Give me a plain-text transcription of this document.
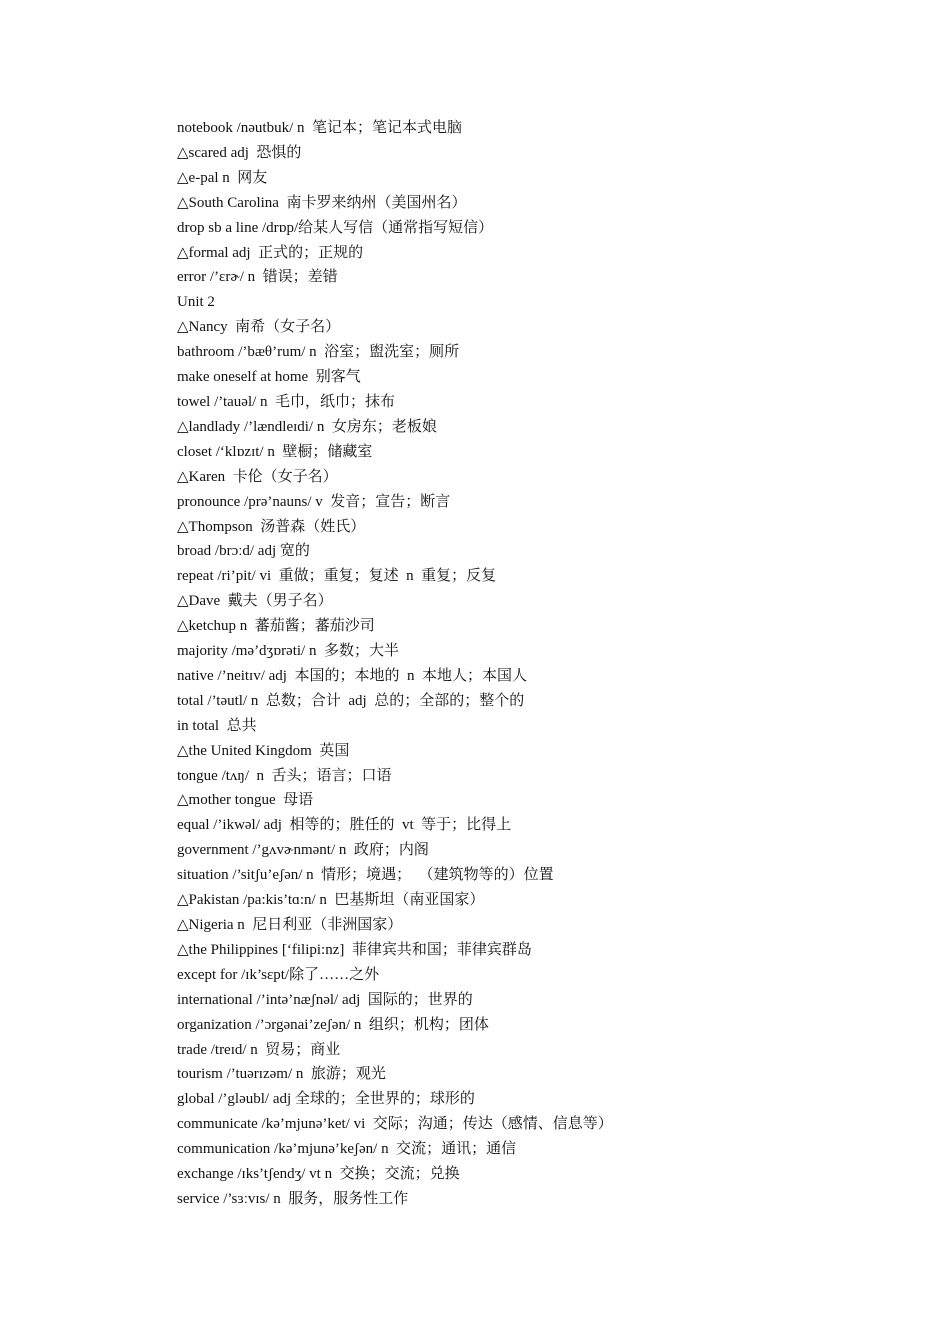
notebook /nəutbuk/ n  笔记本；笔记本式电脑
△scared adj  恐惧的
△e-pal n  网友
△South Carolina  南卡罗来纳州（美国州名）
drop sb a line /drɒp/给某人写信（通常指写短信）
△formal adj  正式的；正规的
error /’ɛrɚ/ n  错误；差错
Unit 2
△Nancy  南希（女子名）
bathroom /’bæθ’rum/ n  浴室；盥洗室；厕所
make oneself at home  别客气
towel /’tauəl/ n  毛巾，纸巾；抹布
△landlady /’lændleɪdi/ n  女房东；老板娘
closet /‘klɒzɪt/ n  壁橱；储藏室
△Karen  卡伦（女子名）
pronounce /prə’nauns/ v  发音；宣告；断言
△Thompson  汤普森（姓氏）
broad /brɔːd/ adj 宽的
repeat /ri’pit/ vi  重做；重复；复述  n  重复；反复
△Dave  戴夫（男子名）
△ketchup n  蕃茄酱；蕃茄沙司
majority /mə’dʒɒrəti/ n  多数；大半
native /’neitɪv/ adj  本国的；本地的  n  本地人；本国人
total /’təutl/ n  总数；合计  adj  总的；全部的；整个的
in total  总共
△the United Kingdom  英国
tongue /tʌŋ/  n  舌头；语言；口语
△mother tongue  母语
equal /’ikwəl/ adj  相等的；胜任的  vt  等于；比得上
government /’gʌvɚnmənt/ n  政府；内阁
situation /’sitʃu’eʃən/ n  情形；境遇；  （建筑物等的）位置
△Pakistan /pa:kis’tɑ:n/ n  巴基斯坦（南亚国家）
△Nigeria n  尼日利亚（非洲国家）
△the Philippines [‘filipi:nz]  菲律宾共和国；菲律宾群岛
except for /ɪk’sɛpt/除了……之外
international /’intə’næʃnəl/ adj  国际的；世界的
organization /’ɔrgənai’zeʃən/ n  组织；机构；团体
trade /treɪd/ n  贸易；商业
tourism /’tuərɪzəm/ n  旅游；观光
global /’gləubl/ adj 全球的；全世界的；球形的
communicate /kə’mjunə’ket/ vi  交际；沟通；传达（感情、信息等）
communication /kə’mjunə’keʃən/ n  交流；通讯；通信
exchange /ɪks’tʃendʒ/ vt n  交换；交流；兑换
service /’sɜːvɪs/ n  服务，服务性工作
